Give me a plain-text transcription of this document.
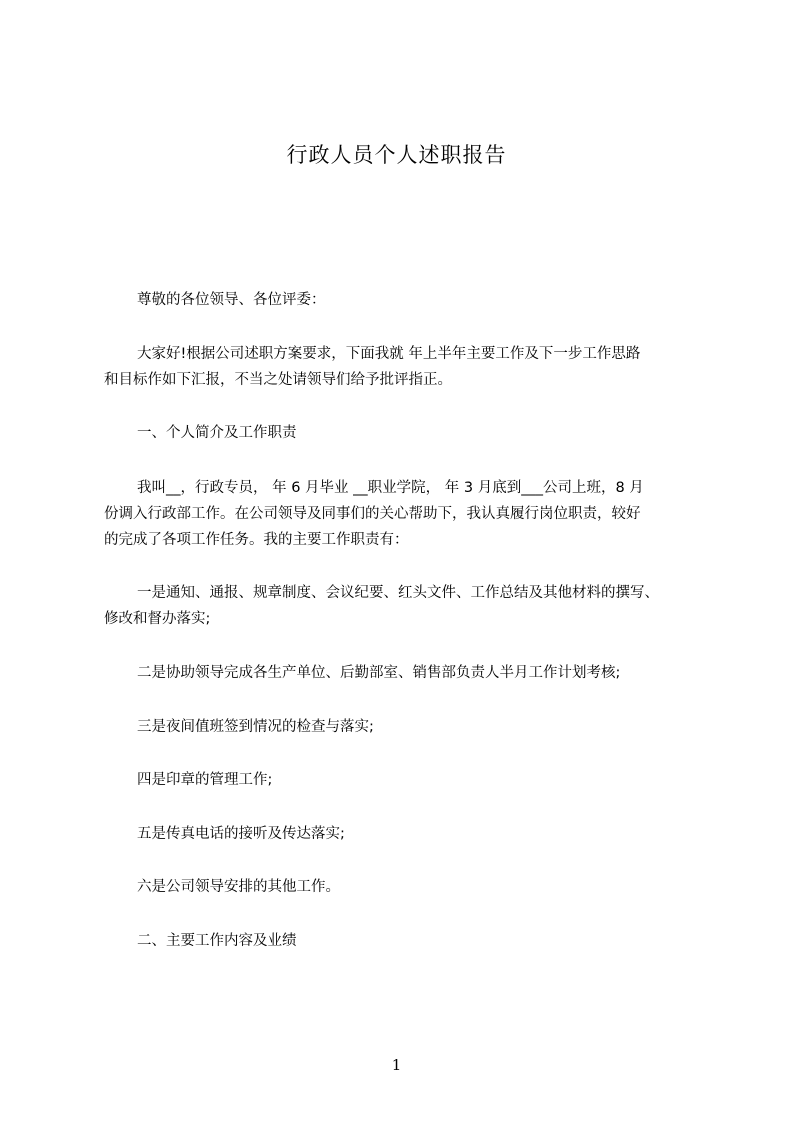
行政人员个人述职报告
尊敬的各位领导、各位评委：
大家好!根据公司述职方案要求，下面我就 年上半年主要工作及下一步工作思路
和目标作如下汇报，不当之处请领导们给予批评指正。
一、个人简介及工作职责
我叫__，行政专员， 年 6 月毕业 __职业学院， 年 3 月底到___公司上班，8 月
份调入行政部工作。在公司领导及同事们的关心帮助下，我认真履行岗位职责，较好
的完成了各项工作任务。我的主要工作职责有：
一是通知、通报、规章制度、会议纪要、红头文件、工作总结及其他材料的撰写、
修改和督办落实;
二是协助领导完成各生产单位、后勤部室、销售部负责人半月工作计划考核;
三是夜间值班签到情况的检查与落实;
四是印章的管理工作;
五是传真电话的接听及传达落实;
六是公司领导安排的其他工作。
二、主要工作内容及业绩
1
